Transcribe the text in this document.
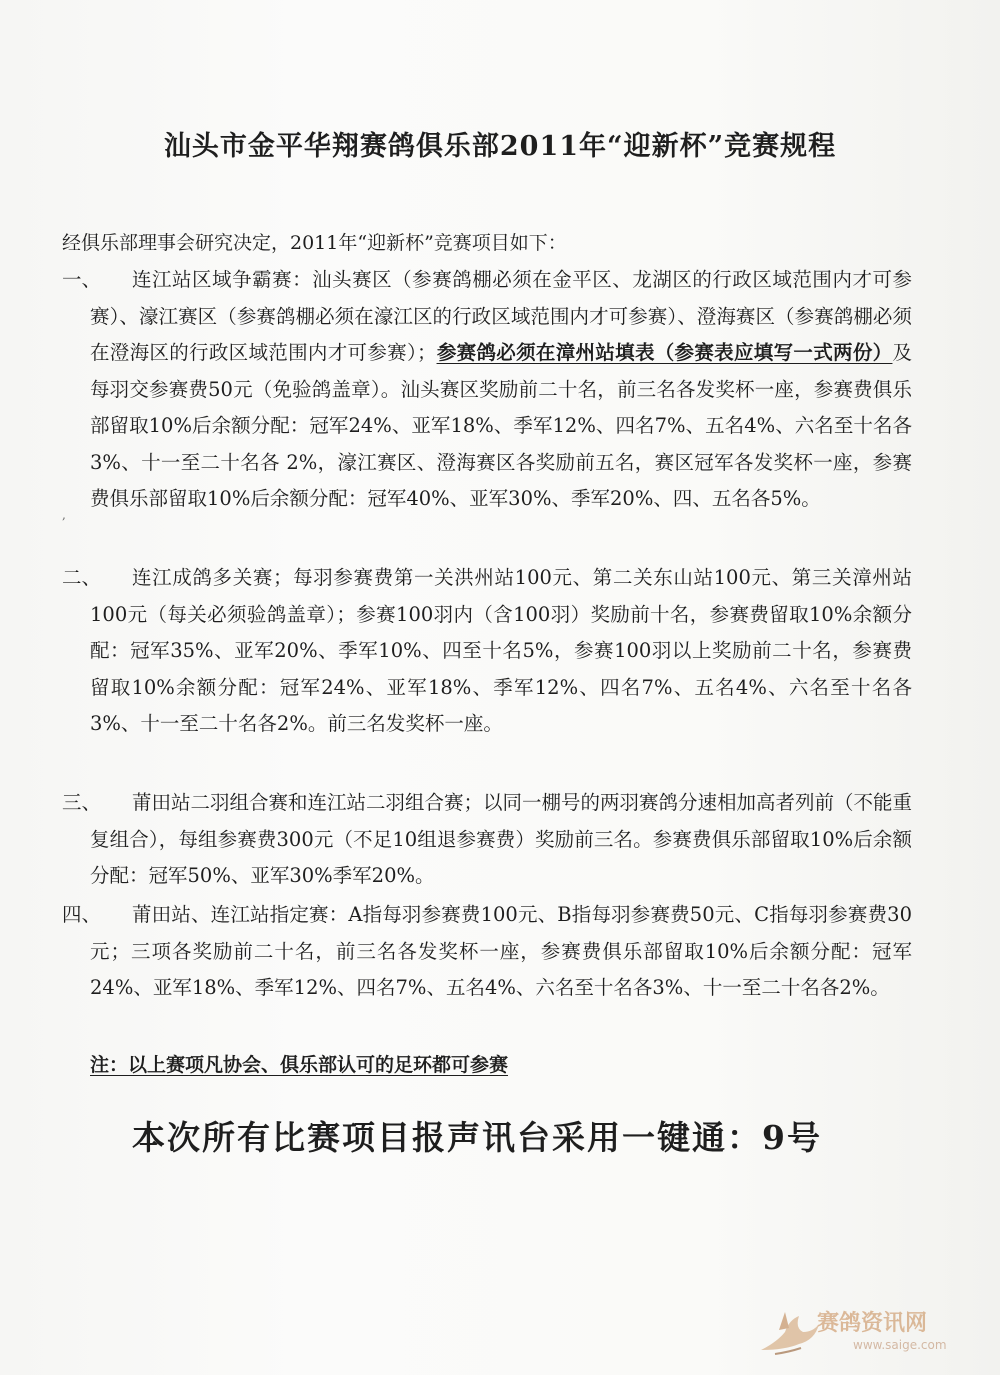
汕头市金平华翔赛鸽俱乐部2011年“迎新杯”竞赛规程
经俱乐部理事会研究决定，2011年“迎新杯”竞赛项目如下：
一、	连江站区域争霸赛：汕头赛区（参赛鸽棚必须在金平区、龙湖区的行政区域范围内才可参赛）、濠江赛区（参赛鸽棚必须在濠江区的行政区域范围内才可参赛）、澄海赛区（参赛鸽棚必须在澄海区的行政区域范围内才可参赛）；参赛鸽必须在漳州站填表（参赛表应填写一式两份）及每羽交参赛费50元（免验鸽盖章）。汕头赛区奖励前二十名，前三名各发奖杯一座，参赛费俱乐部留取10%后余额分配：冠军24%、亚军18%、季军12%、四名7%、五名4%、六名至十名各3%、十一至二十名各 2%，濠江赛区、澄海赛区各奖励前五名，赛区冠军各发奖杯一座，参赛费俱乐部留取10%后余额分配：冠军40%、亚军30%、季军20%、四、五名各5%。
,
二、	连江成鸽多关赛；每羽参赛费第一关洪州站100元、第二关东山站100元、第三关漳州站100元（每关必须验鸽盖章）；参赛100羽内（含100羽）奖励前十名，参赛费留取10%余额分配：冠军35%、亚军20%、季军10%、四至十名5%，参赛100羽以上奖励前二十名，参赛费留取10%余额分配：冠军24%、亚军18%、季军12%、四名7%、五名4%、六名至十名各3%、十一至二十名各2%。前三名发奖杯一座。
三、	莆田站二羽组合赛和连江站二羽组合赛；以同一棚号的两羽赛鸽分速相加高者列前（不能重复组合），每组参赛费300元（不足10组退参赛费）奖励前三名。参赛费俱乐部留取10%后余额分配：冠军50%、亚军30%季军20%。
四、	莆田站、连江站指定赛：A指每羽参赛费100元、B指每羽参赛费50元、C指每羽参赛费30元；三项各奖励前二十名，前三名各发奖杯一座，参赛费俱乐部留取10%后余额分配：冠军24%、亚军18%、季军12%、四名7%、五名4%、六名至十名各3%、十一至二十名各2%。
注：以上赛项凡协会、俱乐部认可的足环都可参赛
本次所有比赛项目报声讯台采用一键通：9号
赛鸽资讯网
www.saige.com
